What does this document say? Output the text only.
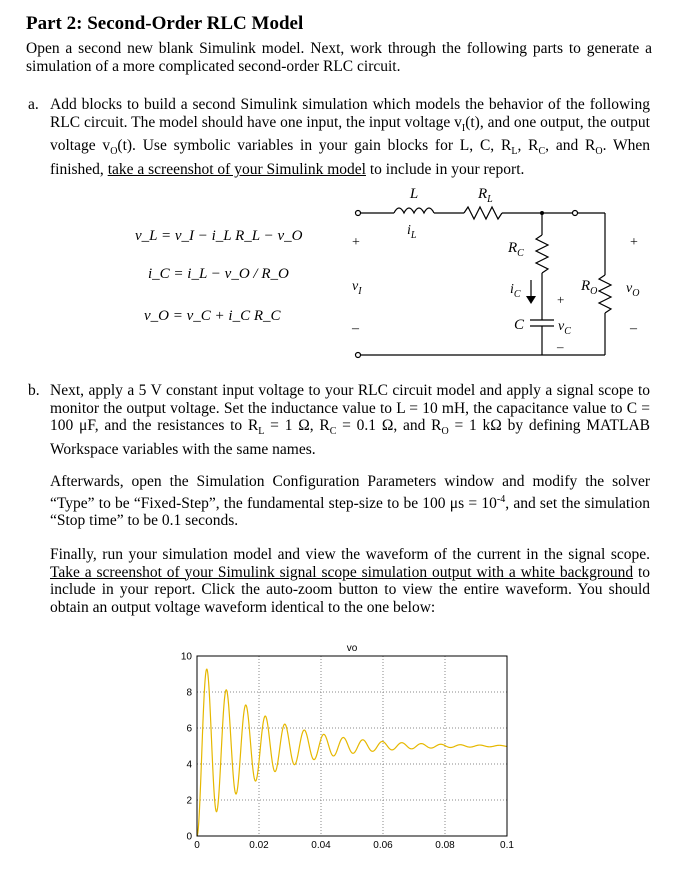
Part 2: Second-Order RLC Model
Open a second new blank Simulink model. Next, work through the following parts to generate a simulation of a more complicated second-order RLC circuit.
a. Add blocks to build a second Simulink simulation which models the behavior of the following RLC circuit. The model should have one input, the input voltage $v_I(t)$, and one output, the output voltage $v_O(t)$. Use symbolic variables in your gain blocks for L, C, $R_L$, $R_C$, and $R_O$. When finished, take a screenshot of your Simulink model to include in your report.
v_L = v_I − i_L R_L − v_O
i_C = i_L − v_O / R_O
v_O = v_C + i_C R_C
L	$R_L$
$i_L$
$R_C$
$i_C$
C $v_C$
+
–
$R_O$ $v_O$
+
–
+
–
$v_I$
b. Next, apply a 5 V constant input voltage to your RLC circuit model and apply a signal scope to monitor the output voltage. Set the inductance value to L = 10 mH, the capacitance value to C = 100 μF, and the resistances to $R_L = 1$ Ω, $R_C = 0.1$ Ω, and $R_O = 1$ kΩ by defining MATLAB Workspace variables with the same names.
Afterwards, open the Simulation Configuration Parameters window and modify the solver “Type” to be “Fixed-Step”, the fundamental step-size to be 100 $\mu s = 10^{-4}$, and set the simulation “Stop time” to be 0.1 seconds.
Finally, run your simulation model and view the waveform of the current in the signal scope. Take a screenshot of your Simulink signal scope simulation output with a white background to include in your report. Click the auto-zoom button to view the entire waveform. You should obtain an output voltage waveform identical to the one below:
0	0.02	0.04	0.06	0.08	0.1
0
2
4
6
8
10
vo
